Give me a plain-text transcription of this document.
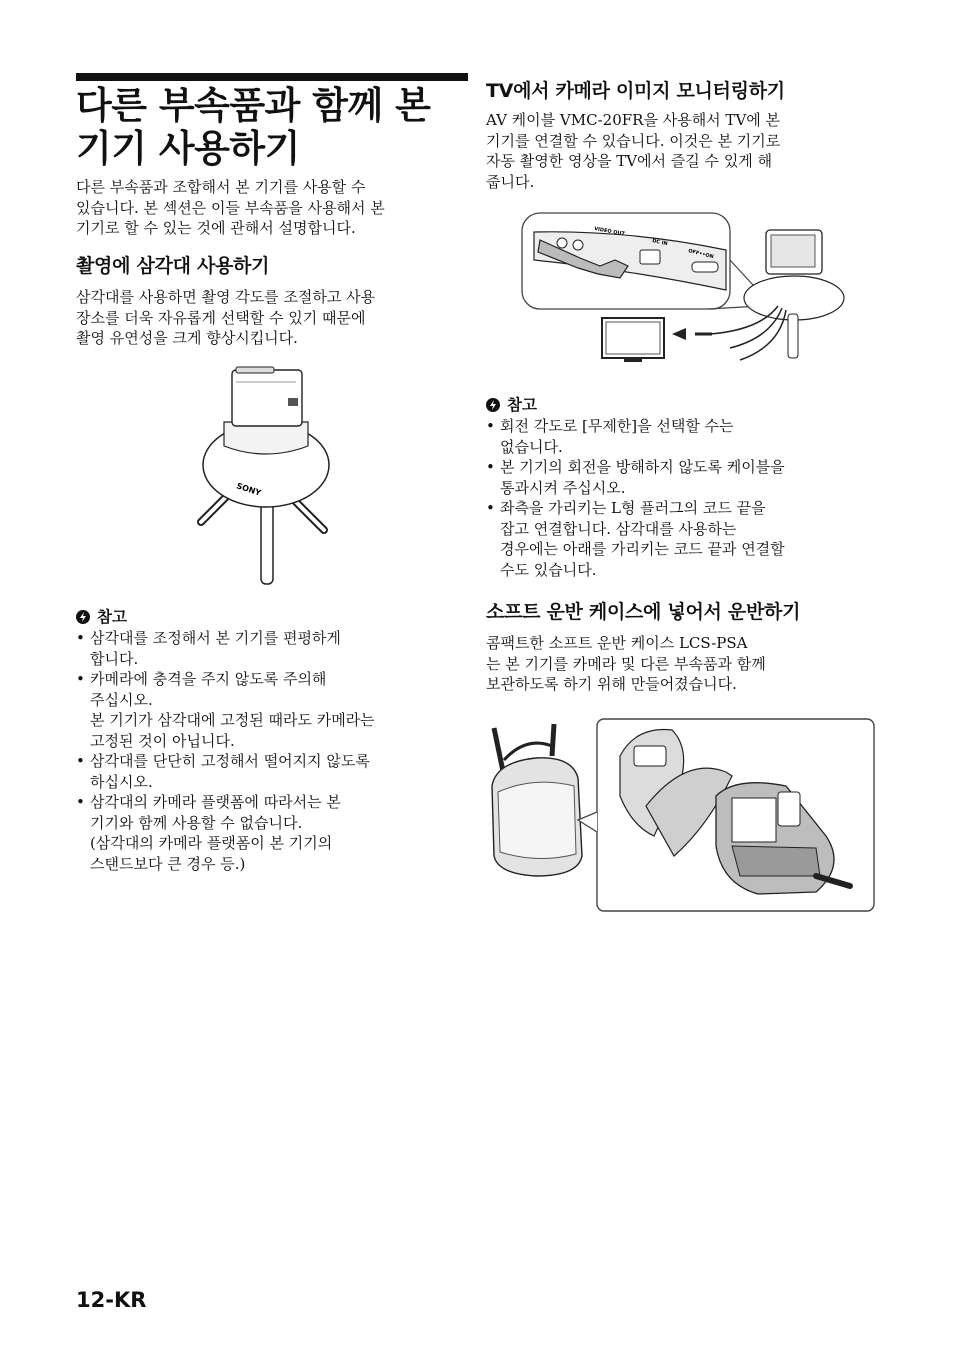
다른 부속품과 함께 본
기기 사용하기
다른 부속품과 조합해서 본 기기를 사용할 수
있습니다. 본 섹션은 이들 부속품을 사용해서 본
기기로 할 수 있는 것에 관해서 설명합니다.
촬영에 삼각대 사용하기
삼각대를 사용하면 촬영 각도를 조절하고 사용
장소를 더욱 자유롭게 선택할 수 있기 때문에
촬영 유연성을 크게 향상시킵니다.
SONY
참고
• 삼각대를 조정해서 본 기기를 편평하게
합니다.
• 카메라에 충격을 주지 않도록 주의해
주십시오.
본 기기가 삼각대에 고정된 때라도 카메라는
고정된 것이 아닙니다.
• 삼각대를 단단히 고정해서 떨어지지 않도록
하십시오.
• 삼각대의 카메라 플랫폼에 따라서는 본
기기와 함께 사용할 수 없습니다.
(삼각대의 카메라 플랫폼이 본 기기의
스탠드보다 큰 경우 등.)
TV에서 카메라 이미지 모니터링하기
AV 케이블 VMC-20FR을 사용해서 TV에 본
기기를 연결할 수 있습니다. 이것은 본 기기로
자동 촬영한 영상을 TV에서 즐길 수 있게 해
줍니다.
VIDEO OUT
DC IN
OFF••ON
참고
• 회전 각도로 [무제한]을 선택할 수는
없습니다.
• 본 기기의 회전을 방해하지 않도록 케이블을
통과시켜 주십시오.
• 좌측을 가리키는 L형 플러그의 코드 끝을
잡고 연결합니다. 삼각대를 사용하는
경우에는 아래를 가리키는 코드 끝과 연결할
수도 있습니다.
소프트 운반 케이스에 넣어서 운반하기
콤팩트한 소프트 운반 케이스 LCS-PSA
는 본 기기를 카메라 및 다른 부속품과 함께
보관하도록 하기 위해 만들어졌습니다.
12-KR
